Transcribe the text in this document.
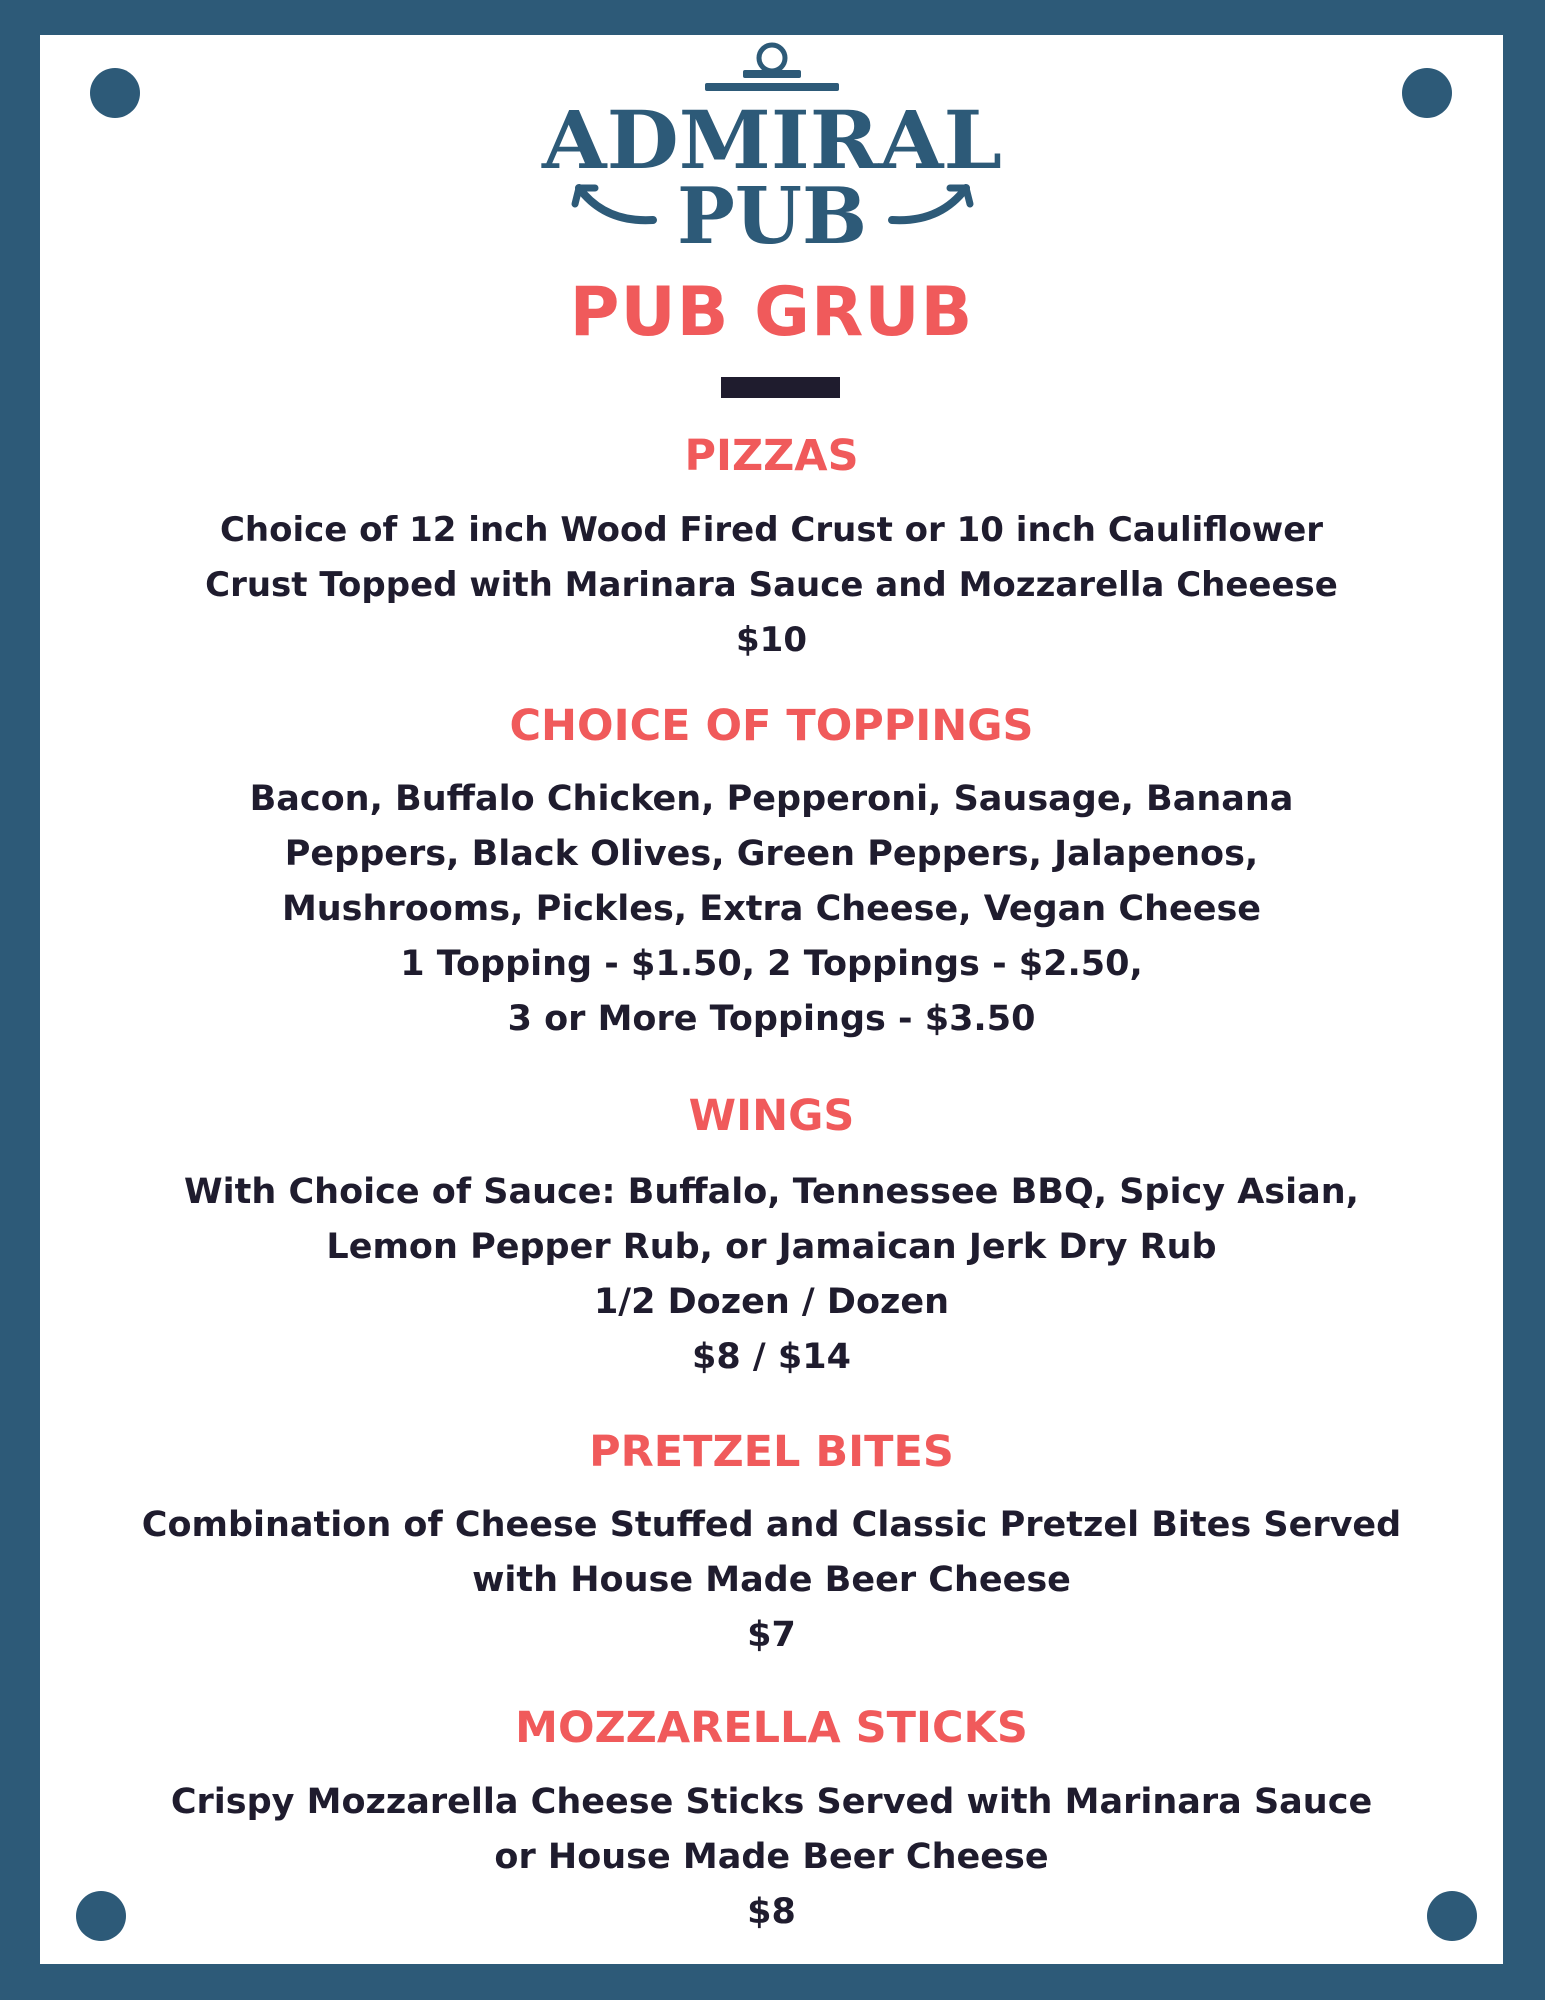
ADMIRAL
PUB
PUB GRUB
PIZZAS
Choice of 12 inch Wood Fired Crust or 10 inch Cauliflower
Crust Topped with Marinara Sauce and Mozzarella Cheeese
$10
CHOICE OF TOPPINGS
Bacon, Buffalo Chicken, Pepperoni, Sausage, Banana
Peppers, Black Olives, Green Peppers, Jalapenos,
Mushrooms, Pickles, Extra Cheese, Vegan Cheese
1 Topping - $1.50, 2 Toppings - $2.50,
3 or More Toppings - $3.50
WINGS
With Choice of Sauce: Buffalo, Tennessee BBQ, Spicy Asian,
Lemon Pepper Rub, or Jamaican Jerk Dry Rub
1/2 Dozen / Dozen
$8 / $14
PRETZEL BITES
Combination of Cheese Stuffed and Classic Pretzel Bites Served
with House Made Beer Cheese
$7
MOZZARELLA STICKS
Crispy Mozzarella Cheese Sticks Served with Marinara Sauce
or House Made Beer Cheese
$8
